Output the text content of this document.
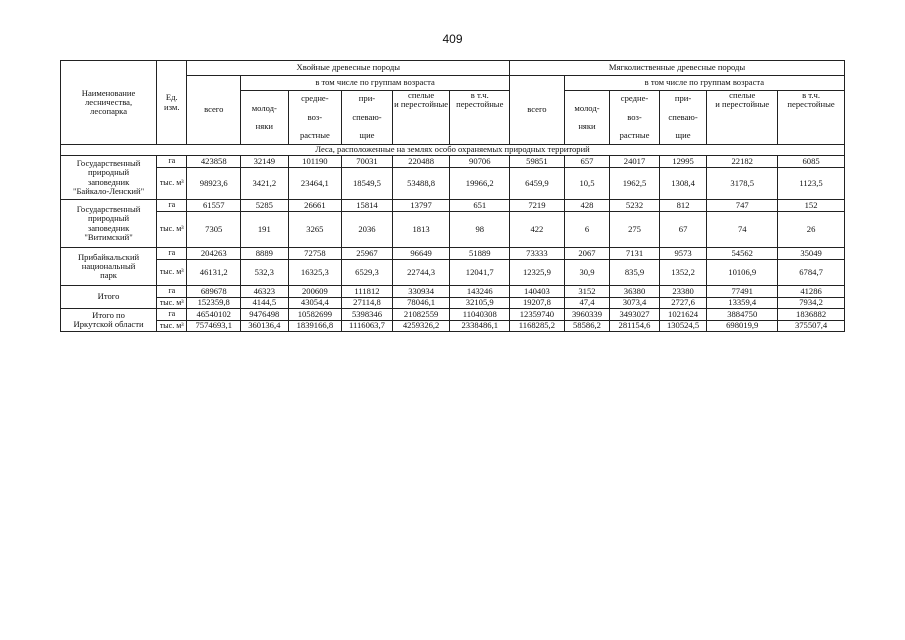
409
Наименование
лесничества,
лесопарка	Ед.
изм.	Хвойные древесные породы						Мягколиственные древесные породы					
		всего	в том числе по группам возраста					всего	в том числе по группам возраста				
			молод-

няки	средне-

воз-

растные	при-

спеваю-

щие	спелые
и перестойные	в т.ч.
перестойные		молод-

няки	средне-

воз-

растные	при-

спеваю-

щие	спелые
и перестойные	в т.ч.
перестойные
Леса, расположенные на землях особо охраняемых природных территорий													
Государственный
природный
заповедник
"Байкало-Ленский"	га	423858	32149	101190	70031	220488	90706	59851	657	24017	12995	22182	6085
	тыс. м³	98923,6	3421,2	23464,1	18549,5	53488,8	19966,2	6459,9	10,5	1962,5	1308,4	3178,5	1123,5
Государственный
природный
заповедник
"Витимский"	га	61557	5285	26661	15814	13797	651	7219	428	5232	812	747	152
	тыс. м³	7305	191	3265	2036	1813	98	422	6	275	67	74	26
Прибайкальский
национальный
парк	га	204263	8889	72758	25967	96649	51889	73333	2067	7131	9573	54562	35049
	тыс. м³	46131,2	532,3	16325,3	6529,3	22744,3	12041,7	12325,9	30,9	835,9	1352,2	10106,9	6784,7
Итого	га	689678	46323	200609	111812	330934	143246	140403	3152	36380	23380	77491	41286
	тыс. м³	152359,8	4144,5	43054,4	27114,8	78046,1	32105,9	19207,8	47,4	3073,4	2727,6	13359,4	7934,2
Итого по
Иркутской области	га	46540102	9476498	10582699	5398346	21082559	11040308	12359740	3960339	3493027	1021624	3884750	1836882
	тыс. м³	7574693,1	360136,4	1839166,8	1116063,7	4259326,2	2338486,1	1168285,2	58586,2	281154,6	130524,5	698019,9	375507,4
